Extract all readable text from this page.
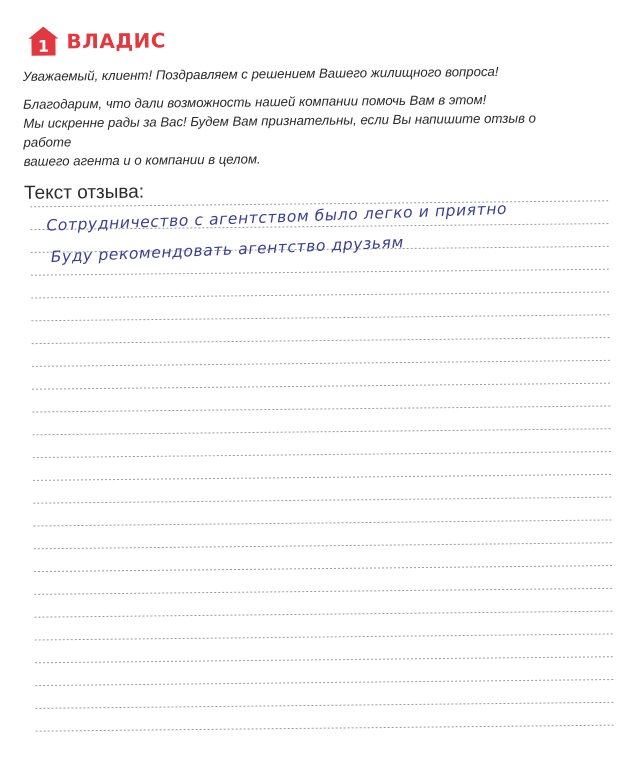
1 ВЛАДИС
Уважаемый, клиент! Поздравляем с решением Вашего жилищного вопроса!
Благодарим, что дали возможность нашей компании помочь Вам в этом!
Мы искренне рады за Вас! Будем Вам признательны, если Вы напишите отзыв о работе
вашего агента и о компании в целом.
Текст отзыва:
Сотрудничество с агентством было легко и приятно
Буду рекомендовать агентство друзьям
